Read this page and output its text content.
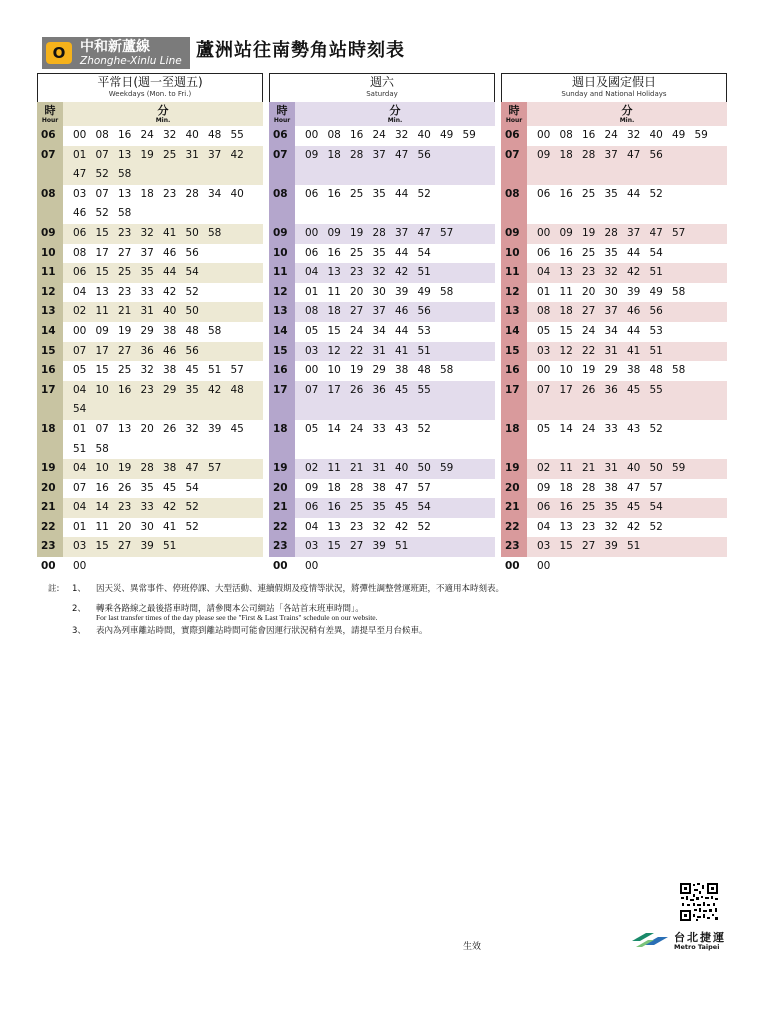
O	中和新蘆線
Zhonghe-Xinlu Line 蘆洲站往南勢角站時刻表
平常日(週一至週五)
Weekdays (Mon. to Fri.)
時
Hour
分
Min.
06	00 08 16 24 32 40 48 55
07	01 07 13 19 25 31 37 42
47 52 58
08	03 07 13 18 23 28 34 40
46 52 58
09	06 15 23 32 41 50 58
10	08 17 27 37 46 56
11	06 15 25 35 44 54
12	04 13 23 33 42 52
13	02 11 21 31 40 50
14	00 09 19 29 38 48 58
15	07 17 27 36 46 56
16	05 15 25 32 38 45 51 57
17	04 10 16 23 29 35 42 48
54
18	01 07 13 20 26 32 39 45
51 58
19	04 10 19 28 38 47 57
20	07 16 26 35 45 54
21	04 14 23 33 42 52
22	01 11 20 30 41 52
23	03 15 27 39 51
00	00
週六
Saturday
時
Hour
分
Min.
06	00 08 16 24 32 40 49 59
07	09 18 28 37 47 56
08	06 16 25 35 44 52
09	00 09 19 28 37 47 57
10	06 16 25 35 44 54
11	04 13 23 32 42 51
12	01 11 20 30 39 49 58
13	08 18 27 37 46 56
14	05 15 24 34 44 53
15	03 12 22 31 41 51
16	00 10 19 29 38 48 58
17	07 17 26 36 45 55
18	05 14 24 33 43 52
19	02 11 21 31 40 50 59
20	09 18 28 38 47 57
21	06 16 25 35 45 54
22	04 13 23 32 42 52
23	03 15 27 39 51
00	00
週日及國定假日
Sunday and National Holidays
時
Hour
分
Min.
06	00 08 16 24 32 40 49 59
07	09 18 28 37 47 56
08	06 16 25 35 44 52
09	00 09 19 28 37 47 57
10	06 16 25 35 44 54
11	04 13 23 32 42 51
12	01 11 20 30 39 49 58
13	08 18 27 37 46 56
14	05 15 24 34 44 53
15	03 12 22 31 41 51
16	00 10 19 29 38 48 58
17	07 17 26 36 45 55
18	05 14 24 33 43 52
19	02 11 21 31 40 50 59
20	09 18 28 38 47 57
21	06 16 25 35 45 54
22	04 13 23 32 42 52
23	03 15 27 39 51
00	00
註:	1、	因天災、異常事件、停班停課、大型活動、連續假期及疫情等狀況，將彈性調整營運班距，不適用本時刻表。
2、	轉乘各路線之最後搭車時間，請參閱本公司網站「各站首末班車時間」。
For last transfer times of the day please see the "First & Last Trains" schedule on our website.
3、	表內為列車離站時間，實際到離站時間可能會因運行狀況稍有差異，請提早至月台候車。
生效
台北捷運
Metro Taipei
